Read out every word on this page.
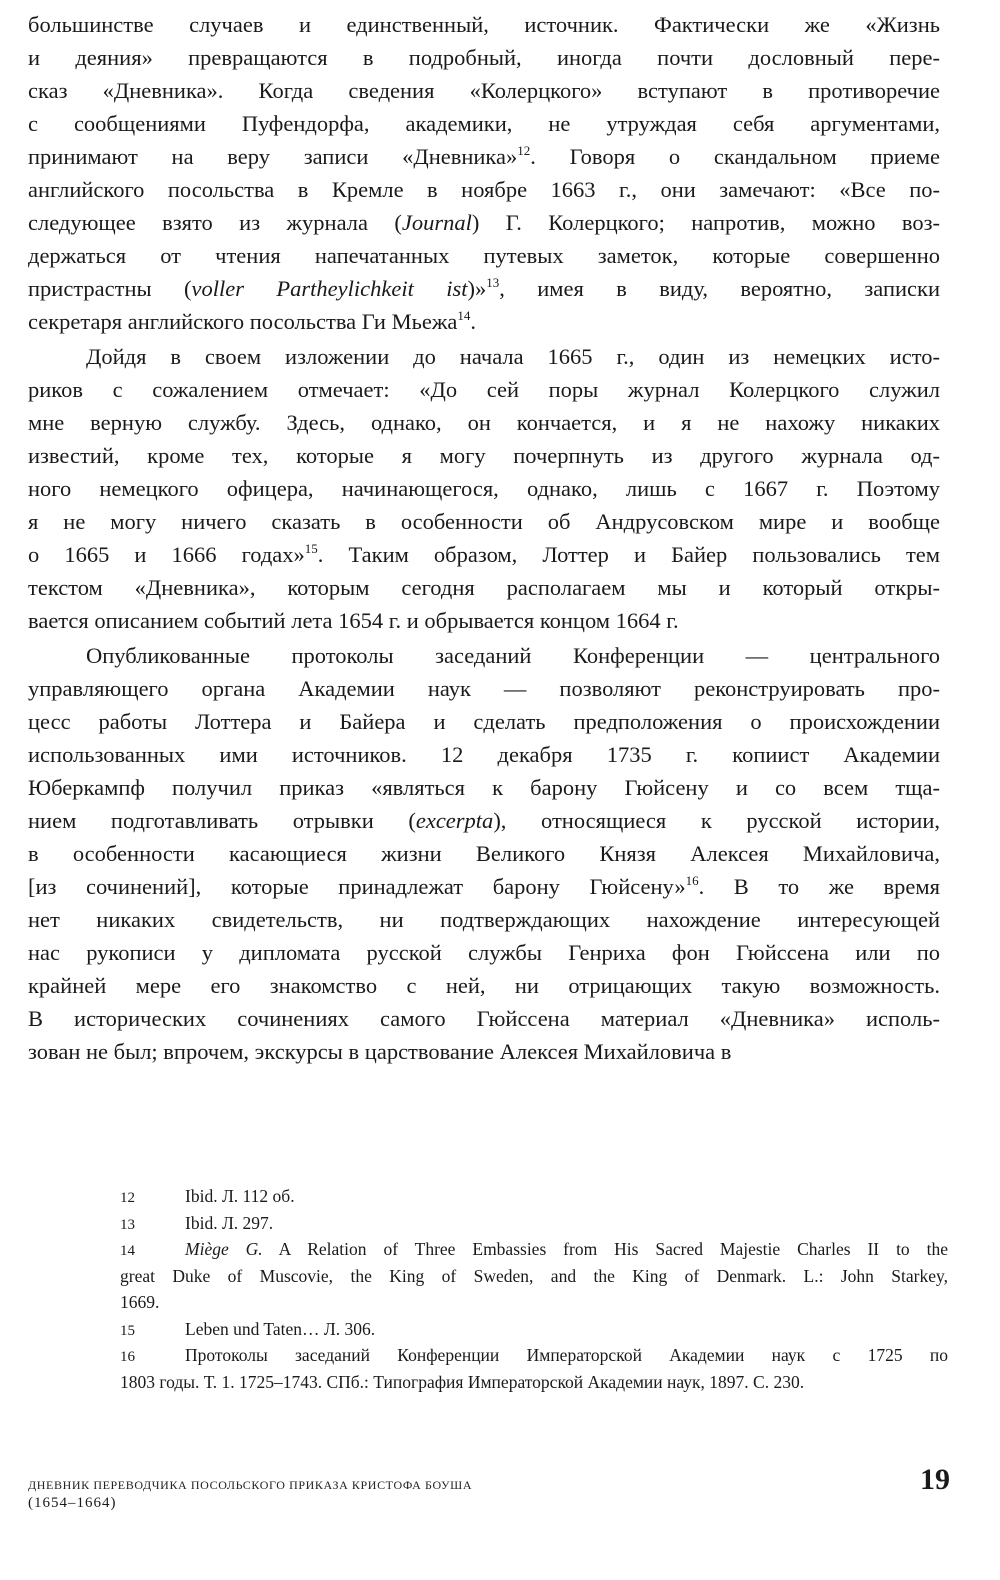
большинстве случаев и единственный, источник. Фактически же «Жизнь
и деяния» превращаются в подробный, иногда почти дословный пере-
сказ «Дневника». Когда сведения «Колерцкого» вступают в противоречие
с сообщениями Пуфендорфа, академики, не утруждая себя аргументами,
принимают на веру записи «Дневника»$^{12}$. Говоря о скандальном приеме
английского посольства в Кремле в ноябре 1663 г., они замечают: «Все по-
следующее взято из журнала (Journal) Г. Колерцкого; напротив, можно воз-
держаться от чтения напечатанных путевых заметок, которые совершенно
пристрастны (voller Partheylichkeit ist)»$^{13}$, имея в виду, вероятно, записки
секретаря английского посольства Ги Мьежа$^{14}$.
Дойдя в своем изложении до начала 1665 г., один из немецких исто-
риков с сожалением отмечает: «До сей поры журнал Колерцкого служил
мне верную службу. Здесь, однако, он кончается, и я не нахожу никаких
известий, кроме тех, которые я могу почерпнуть из другого журнала од-
ного немецкого офицера, начинающегося, однако, лишь с 1667 г. Поэтому
я не могу ничего сказать в особенности об Андрусовском мире и вообще
о 1665 и 1666 годах»$^{15}$. Таким образом, Лоттер и Байер пользовались тем
текстом «Дневника», которым сегодня располагаем мы и который откры-
вается описанием событий лета 1654 г. и обрывается концом 1664 г.
Опубликованные протоколы заседаний Конференции — центрального
управляющего органа Академии наук — позволяют реконструировать про-
цесс работы Лоттера и Байера и сделать предположения о происхождении
использованных ими источников. 12 декабря 1735 г. копиист Академии
Юберкампф получил приказ «являться к барону Гюйсену и со всем тща-
нием подготавливать отрывки (excerpta), относящиеся к русской истории,
в особенности касающиеся жизни Великого Князя Алексея Михайловича,
[из сочинений], которые принадлежат барону Гюйсену»$^{16}$. В то же время
нет никаких свидетельств, ни подтверждающих нахождение интересующей
нас рукописи у дипломата русской службы Генриха фон Гюйссена или по
крайней мере его знакомство с ней, ни отрицающих такую возможность.
В исторических сочинениях самого Гюйссена материал «Дневника» исполь-
зован не был; впрочем, экскурсы в царствование Алексея Михайловича в
12	Ibid. Л. 112 об.
13	Ibid. Л. 297.
14	Miège G. A Relation of Three Embassies from His Sacred Majestie Charles II to the
great Duke of Muscovie, the King of Sweden, and the King of Denmark. L.: John Starkey,
1669.
15	Leben und Taten… Л. 306.
16	Протоколы заседаний Конференции Императорской Академии наук с 1725 по
1803 годы. Т. 1. 1725–1743. СПб.: Типография Императорской Академии наук, 1897. С. 230.
ДНЕВНИК ПЕРЕВОДЧИКА ПОСОЛЬСКОГО ПРИКАЗА КРИСТОФА БОУША
(1654–1664)
19
